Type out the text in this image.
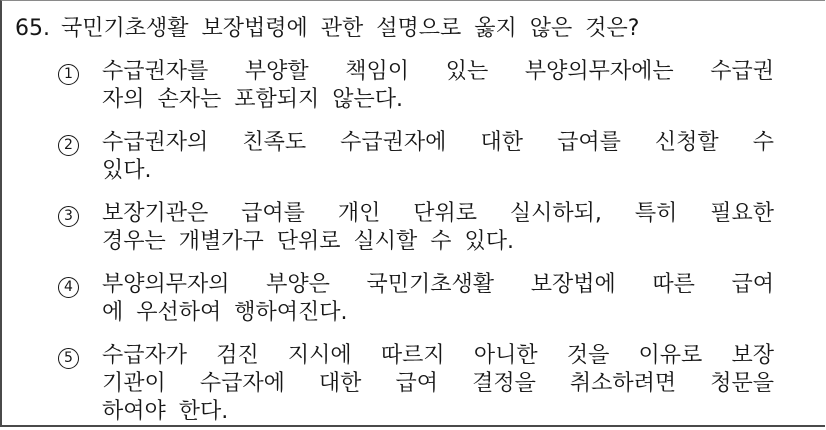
65. 국민기초생활 보장법령에 관한 설명으로 옳지 않은 것은?
1 수급권자를 부양할 책임이 있는 부양의무자에는 수급권
자의 손자는 포함되지 않는다.
2 수급권자의 친족도 수급권자에 대한 급여를 신청할 수
있다.
3 보장기관은 급여를 개인 단위로 실시하되, 특히 필요한
경우는 개별가구 단위로 실시할 수 있다.
4 부양의무자의 부양은 국민기초생활 보장법에 따른 급여
에 우선하여 행하여진다.
5 수급자가 검진 지시에 따르지 아니한 것을 이유로 보장
기관이 수급자에 대한 급여 결정을 취소하려면 청문을
하여야 한다.
